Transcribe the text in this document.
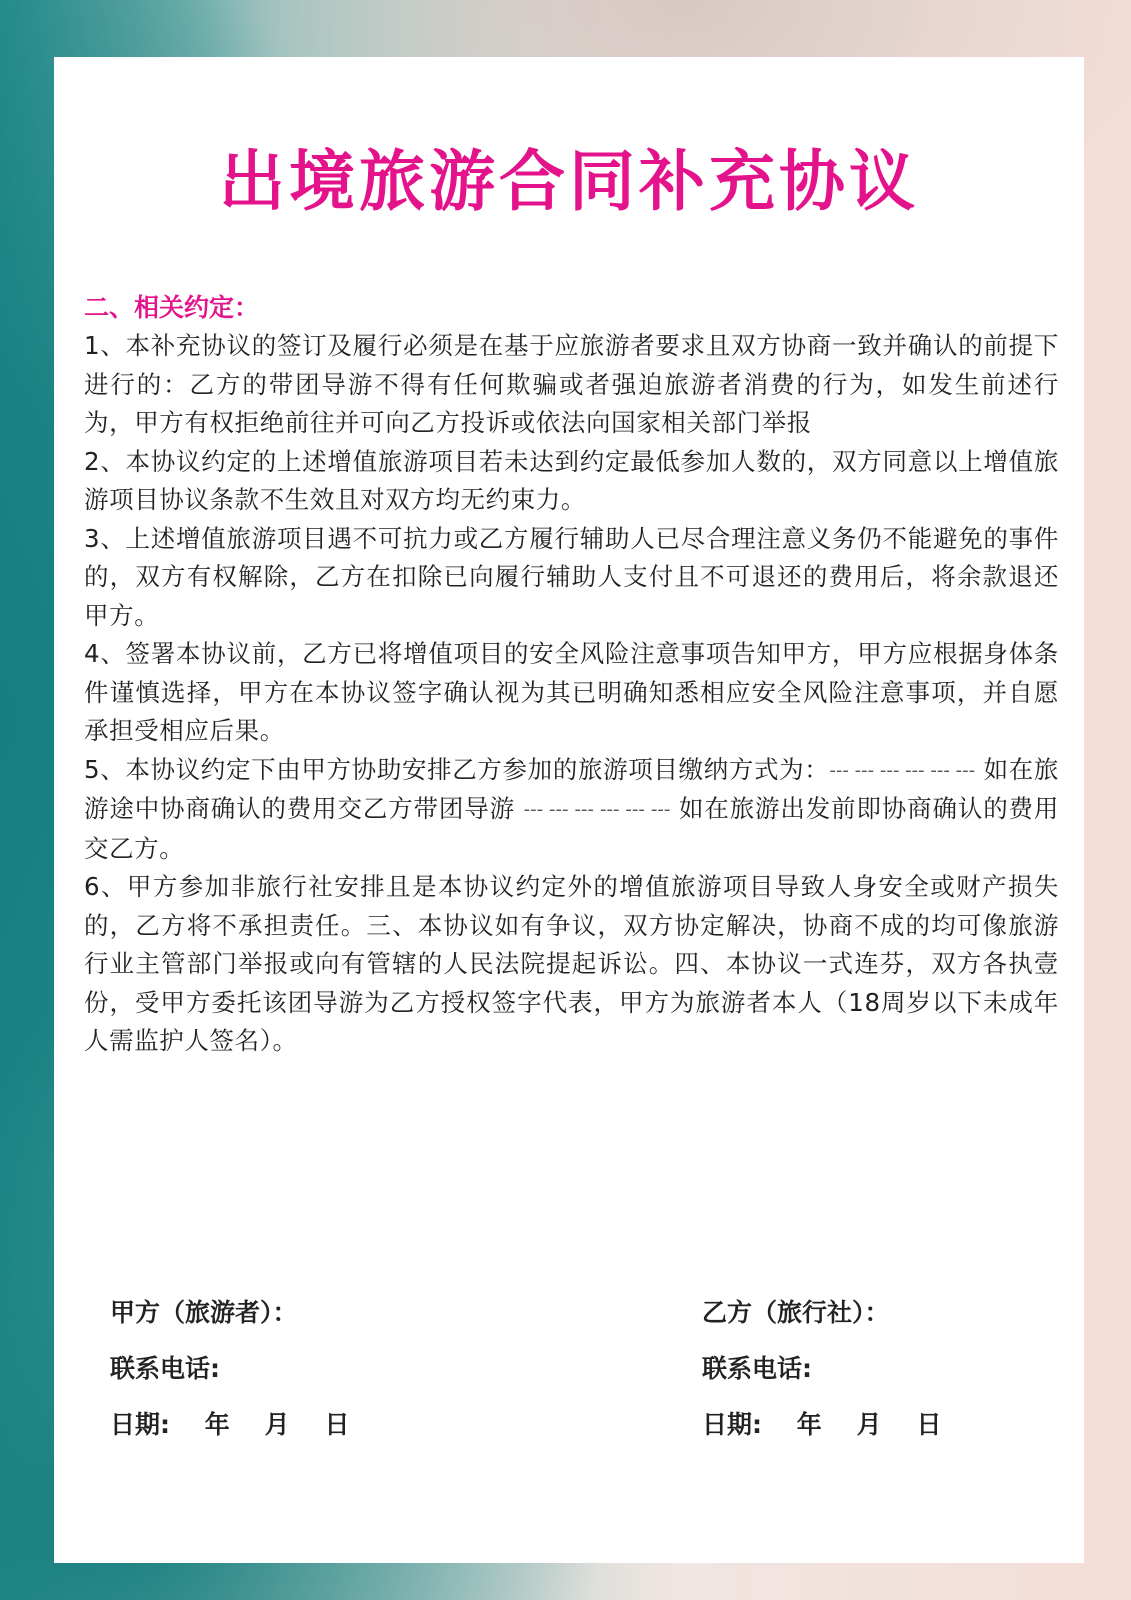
出境旅游合同补充协议

二、相关约定：

1、本补充协议的签订及履行必须是在基于应旅游者要求且双方协商一致并确认的前提下进行的：乙方的带团导游不得有任何欺骗或者强迫旅游者消费的行为，如发生前述行为，甲方有权拒绝前往并可向乙方投诉或依法向国家相关部门举报

2、本协议约定的上述增值旅游项目若未达到约定最低参加人数的，双方同意以上增值旅游项目协议条款不生效且对双方均无约束力。

3、上述增值旅游项目遇不可抗力或乙方履行辅助人已尽合理注意义务仍不能避免的事件的，双方有权解除，乙方在扣除已向履行辅助人支付且不可退还的费用后，将余款退还甲方。

4、签署本协议前，乙方已将增值项目的安全风险注意事项告知甲方，甲方应根据身体条件谨慎选择，甲方在本协议签字确认视为其已明确知悉相应安全风险注意事项，并自愿承担受相应后果。

5、本协议约定下由甲方协助安排乙方参加的旅游项目缴纳方式为：--- --- --- --- --- --- 如在旅游途中协商确认的费用交乙方带团导游 --- --- --- --- --- --- 如在旅游出发前即协商确认的费用交乙方。

6、甲方参加非旅行社安排且是本协议约定外的增值旅游项目导致人身安全或财产损失的，乙方将不承担责任。三、本协议如有争议，双方协定解决，协商不成的均可像旅游行业主管部门举报或向有管辖的人民法院提起诉讼。四、本协议一式连芬，双方各执壹份，受甲方委托该团导游为乙方授权签字代表，甲方为旅游者本人（18周岁以下未成年人需监护人签名）。

甲方（旅游者）：
联系电话:
日期:    年    月    日
乙方（旅行社）：
联系电话:
日期:    年    月    日
